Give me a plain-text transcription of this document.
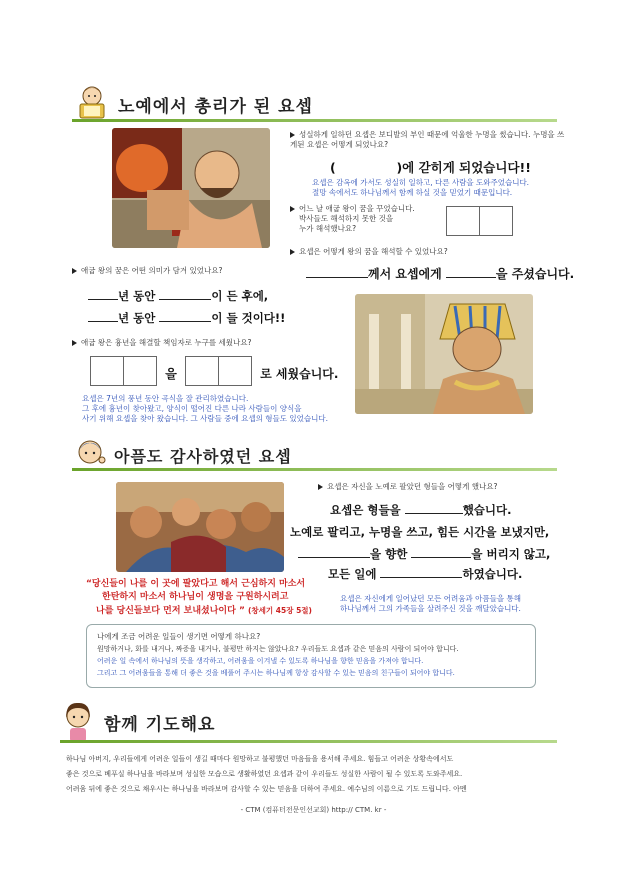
노예에서 총리가 된 요셉
성실하게 일하던 요셉은 보디발의 부인 때문에 억울한 누명을 썼습니다. 누명을 쓰게된 요셉은 어떻게 되었나요?
(	)에 갇히게 되었습니다!!
요셉은 감옥에 가서도 성실히 일하고, 다른 사람을 도와주었습니다.
절망 속에서도 하나님께서 함께 하실 것을 믿었기 때문입니다.
어느 날 애굽 왕이 꿈을 꾸었습니다.
박사들도 해석하지 못한 것을
누가 해석했나요?
요셉은 어떻게 왕의 꿈을 해석할 수 있었나요?
께서 요셉에게	을 주셨습니다.
애굽 왕의 꿈은 어떤 의미가 담겨 있었나요?
년 동안	이 든 후에,
년 동안	이 들 것이다!!
애굽 왕은 흉년을 해결할 책임자로 누구를 세웠나요?
을	로 세웠습니다.
요셉은 7년의 풍년 동안 곡식을 잘 관리하였습니다.
그 후에 흉년이 찾아왔고, 양식이 떨어진 다른 나라 사람들이 양식을
사기 위해 요셉을 찾아 왔습니다. 그 사람들 중에 요셉의 형들도 있었습니다.
아픔도 감사하였던 요셉
요셉은 자신을 노예로 팔았던 형들을 어떻게 했나요?
요셉은 형들을	했습니다.
노예로 팔리고, 누명을 쓰고, 힘든 시간을 보냈지만,
을 향한	을 버리지 않고,
모든 일에	하였습니다.
“당신들이 나를 이 곳에 팔았다고 해서 근심하지 마소서
한탄하지 마소서 하나님이 생명을 구원하시려고
나를 당신들보다 먼저 보내셨나이다 ” (창세기 45장 5절)
요셉은 자신에게 일어났던 모든 어려움과 아픔들을 통해
하나님께서 그의 가족들을 살려주신 것을 깨달았습니다.
나에게 조금 어려운 일들이 생기면 어떻게 하나요?
원망하거나, 화를 내거나, 짜증을 내거나, 불평만 하지는 않았나요? 우리들도 요셉과 같은 믿음의 사람이 되어야 합니다.
어려운 일 속에서 하나님의 뜻을 생각하고, 어려움을 이겨낼 수 있도록 하나님을 향한 믿음을 가져야 합니다.
그리고 그 어려움들을 통해 더 좋은 것을 베풀어 주시는 하나님께 항상 감사할 수 있는 믿음의 친구들이 되어야 합니다.
함께 기도해요
하나님 아버지, 우리들에게 어려운 일들이 생길 때마다 원망하고 불평했던 마음들을 용서해 주세요. 힘들고 어려운 상황속에서도
좋은 것으로 베푸실 하나님을 바라보며 성실한 모습으로 생활하였던 요셉과 같이 우리들도 성실한 사람이 될 수 있도록 도와주세요.
어려움 뒤에 좋은 것으로 채우시는 하나님을 바라보며 감사할 수 있는 믿음을 더하여 주세요. 예수님의 이름으로 기도 드립니다. 아멘
- CTM (컴퓨터전문인선교회) http:// CTM. kr -
